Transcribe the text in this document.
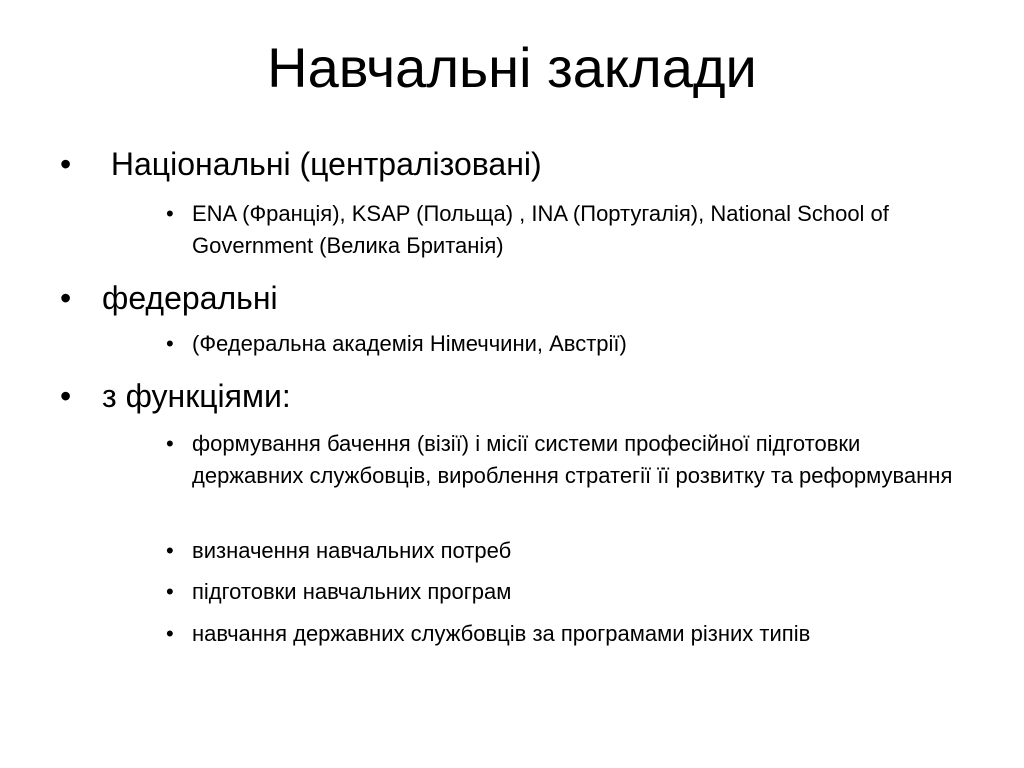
Навчальні заклади
• Національні (централізовані)
• ENA (Франція), KSAP (Польща) , INA (Португалія), National School of Government (Велика Британія)
• федеральні
• (Федеральна академія Німеччини, Австрії)
• з функціями:
• формування бачення (візії) і місії системи професійної підготовки державних службовців, вироблення стратегії її розвитку та реформування
• визначення навчальних потреб
• підготовки навчальних програм
• навчання державних службовців за програмами різних типів
